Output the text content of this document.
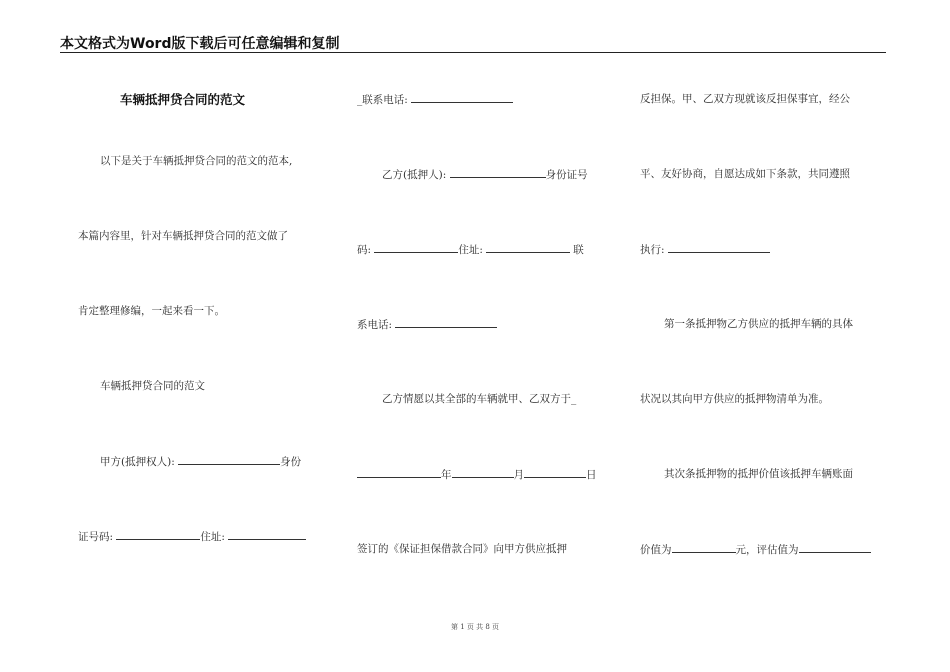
本文格式为Word版下载后可任意编辑和复制
车辆抵押贷合同的范文
以下是关于车辆抵押贷合同的范文的范本,
本篇内容里，针对车辆抵押贷合同的范文做了
肯定整理修编，一起来看一下。
车辆抵押贷合同的范文
甲方(抵押权人):	身份
证号码:	住址:
_联系电话:
乙方(抵押人):	身份证号
码:	住址:	联
系电话:
乙方情愿以其全部的车辆就甲、乙双方于_
年	月	日
签订的《保证担保借款合同》向甲方供应抵押
反担保。甲、乙双方现就该反担保事宜，经公
平、友好协商，自愿达成如下条款，共同遵照
执行:
第一条抵押物乙方供应的抵押车辆的具体
状况以其向甲方供应的抵押物清单为准。
其次条抵押物的抵押价值该抵押车辆账面
价值为	元，评估值为
第 1 页 共 8 页
